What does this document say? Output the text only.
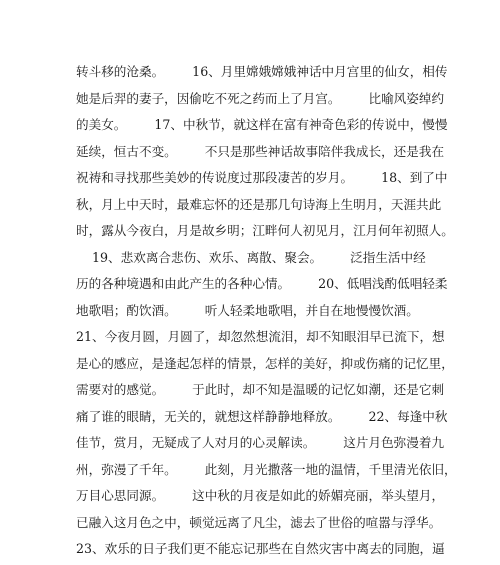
转斗移的沧桑。       16、月里嫦娥嫦娥神话中月宫里的仙女，相传
她是后羿的妻子，因偷吃不死之药而上了月宫。       比喻风姿绰约
的美女。       17、中秋节，就这样在富有神奇色彩的传说中，慢慢
延续，恒古不变。       不只是那些神话故事陪伴我成长，还是我在
祝祷和寻找那些美妙的传说度过那段凄苦的岁月。       18、到了中
秋，月上中天时，最难忘怀的还是那几句诗海上生明月，天涯共此
时，露从今夜白，月是故乡明；江畔何人初见月，江月何年初照人。
19、悲欢离合悲伤、欢乐、离散、聚会。       泛指生活中经
历的各种境遇和由此产生的各种心情。       20、低唱浅酌低唱轻柔
地歌唱；酌饮酒。       听人轻柔地歌唱，并自在地慢慢饮酒。
21、今夜月圆，月圆了，却忽然想流泪，却不知眼泪早已流下，想
是心的感应，是逢起怎样的情景，怎样的美好，抑或伤痛的记忆里，
需要对的感觉。       于此时，却不知是温暖的记忆如潮，还是它刺
痛了谁的眼睛，无关的，就想这样静静地释放。       22、每逢中秋
佳节，赏月，无疑成了人对月的心灵解读。       这片月色弥漫着九
州，弥漫了千年。       此刻，月光撒落一地的温情，千里清光依旧，
万目心思同源。       这中秋的月夜是如此的娇媚亮丽，举头望月，
已融入这月色之中，顿觉远离了凡尘，滤去了世俗的喧嚣与浮华。
23、欢乐的日子我们更不能忘记那些在自然灾害中离去的同胞，逼
